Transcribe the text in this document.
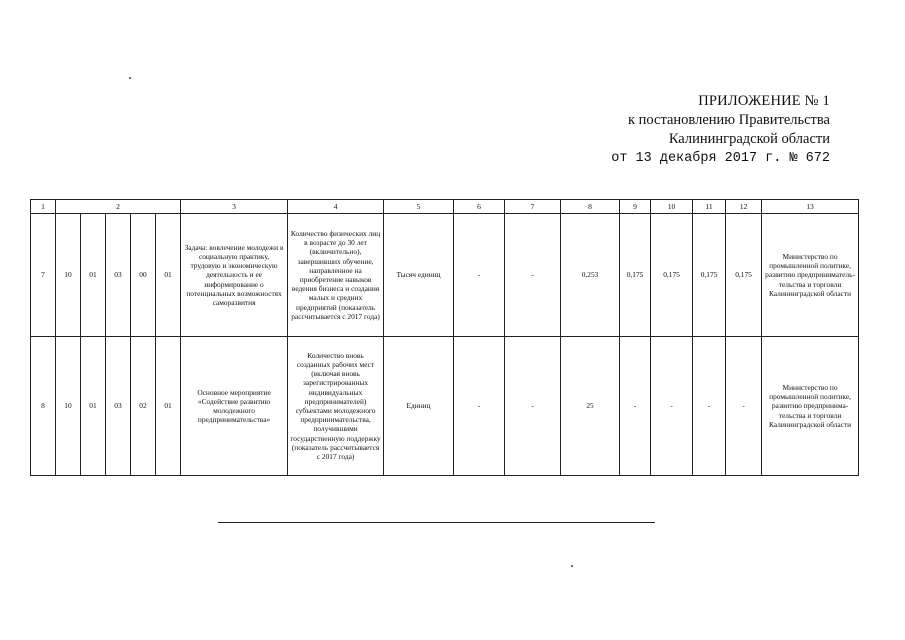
ПРИЛОЖЕНИЕ № 1
к постановлению Правительства
Калининградской области
от 13 декабря 2017 г. № 672
1	2					3	4	5	6	7	8	9	10	11	12	13
7	10	01	03	00	01	Задача: вовлечение молодежи в социальную практику, трудовую и экономическую деятельность и ее информирование о потенциальных возможностях саморазвития	Количество физических лиц в возрасте до 30 лет (включительно), завершивших обучение, направленное на приобретение навыков ведения бизнеса и создания малых и средних предприятий (показатель рассчитывается с 2017 года)	Тысяч единиц	-	-	0,253	0,175	0,175	0,175	0,175	Министерство по промышленной политике, развитию предприниматель-тельства и торговли Калининградской области
8	10	01	03	02	01	Основное мероприятие «Содействие развитию молодежного предпринимательства»	Количество вновь созданных рабочих мест (включая вновь зарегистрированных индивидуальных предпринимателей) субъектами молодежного предпринимательства, получившими государственную поддержку (показатель рассчитывается с 2017 года)	Единиц	-	-	25	-	-	-	-	Министерство по промышленной политике, развитию предпринима-тельства и торговли Калининградской области
